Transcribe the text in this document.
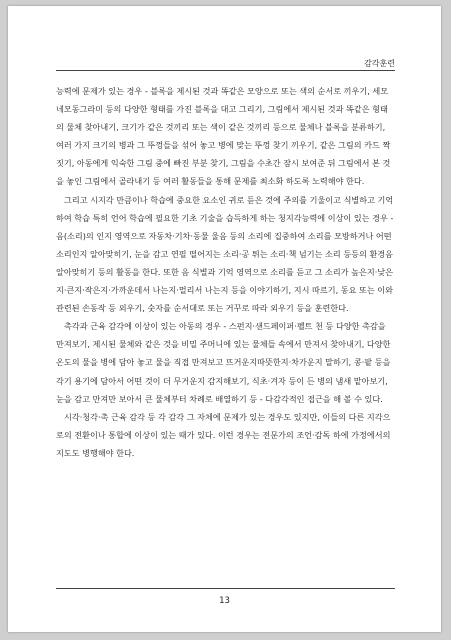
감각훈련

능력에 문제가 있는 경우 - 블록을 제시된 것과 똑같은 모양으로 또는 색의 순서로 끼우기, 세모네모동그라미 등의 다양한 형태를 가진 블록을 대고 그리기, 그림에서 제시된 것과 똑같은 형태의 물체 찾아내기, 크기가 같은 것끼리 또는 색이 같은 것끼리 등으로 물체나 블록을 분류하기, 여러 가지 크기의 병과 그 뚜껑들을 섞어 놓고 병에 맞는 뚜껑 찾기 끼우기, 같은 그림의 카드 짝짓기, 아동에게 익숙한 그림 중에 빠진 부분 찾기, 그림을 수초간 잠시 보여준 뒤 그림에서 본 것을 놓인 그림에서 골라내기 등 여러 활동들을 통해 문제를 최소화 하도록 노력해야 한다.

그리고 시지각 만큼이나 학습에 중요한 요소인 귀로 듣은 것에 주의를 기울이고 식별하고 기억하여 학습 특히 언어 학습에 필요한 기초 기술을 습득하게 하는 청지각능력에 이상이 있는 경우 - 음(소리)의 인지 영역으로 자동차·기차·동물 울음 등의 소리에 집중하여 소리를 모방하거나 어떤 소리인지 알아맞히기, 눈을 감고 연필 떨어지는 소리·공 튀는 소리·책 넘기는 소리 등등의 환경음 알아맞히기 등의 활동을 한다. 또한 음 식별과 기억 영역으로 소리를 듣고 그 소리가 높은지·낮은지·큰지·작은지·가까운데서 나는지·멀리서 나는지 등을 이야기하기, 지시 따르기, 동요 또는 이와 관련된 손동작 등 외우기, 숫자를 순서대로 또는 거꾸로 따라 외우기 등을 훈련한다.

촉각과 근육 감각에 이상이 있는 아동의 경우 - 스펀지·샌드페이퍼·펠트 천 등 다양한 촉감을 만져보기, 제시된 물체와 같은 것을 비밀 주머니에 있는 물체들 속에서 만져서 찾아내기, 다양한 온도의 물을 병에 담아 놓고 물을 직접 만져보고 뜨거운지따뜻한지·차가운지 말하기, 콩·팥 등을 각기 용기에 담아서 어떤 것이 더 무거운지 감지해보기, 식초·겨자 등이 든 병의 냄새 맡아보기, 눈을 감고 만져만 보아서 큰 물체부터 차례로 배열하기 등 - 다감각적인 접근을 해 볼 수 있다.

시각·청각·촉 근육 감각 등 각 감각 그 자체에 문제가 있는 경우도 있지만, 이들의 다른 지각으로의 전환이나 통합에 이상이 있는 때가 있다. 이런 경우는 전문가의 조언·감독 하에 가정에서의 지도도 병행해야 한다.

13
